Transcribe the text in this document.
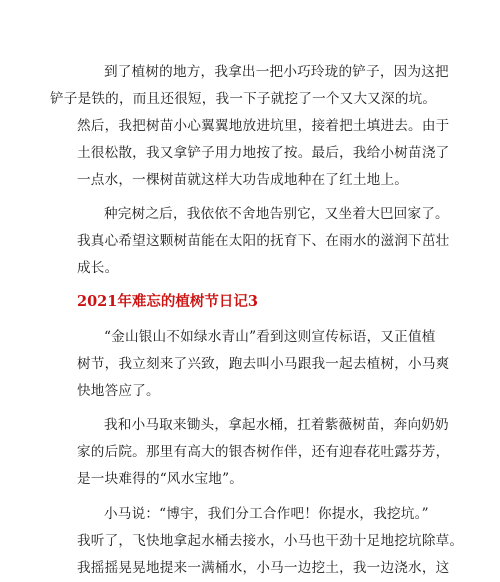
到了植树的地方，我拿出一把小巧玲珑的铲子，因为这把
铲子是铁的，而且还很短，我一下子就挖了一个又大又深的坑。
然后，我把树苗小心翼翼地放进坑里，接着把土填进去。由于
土很松散，我又拿铲子用力地按了按。最后，我给小树苗浇了
一点水，一棵树苗就这样大功告成地种在了红土地上。

种完树之后，我依依不舍地告别它，又坐着大巴回家了。
我真心希望这颗树苗能在太阳的抚育下、在雨水的滋润下茁壮
成长。

2021年难忘的植树节日记3

“金山银山不如绿水青山”看到这则宣传标语，又正值植
树节，我立刻来了兴致，跑去叫小马跟我一起去植树，小马爽
快地答应了。

我和小马取来锄头，拿起水桶，扛着紫薇树苗，奔向奶奶
家的后院。那里有高大的银杏树作伴，还有迎春花吐露芬芳，
是一块难得的“风水宝地”。

小马说：“博宇，我们分工合作吧！你提水，我挖坑。”
我听了，飞快地拿起水桶去接水，小马也干劲十足地挖坑除草。
我摇摇晃晃地提来一满桶水，小马一边挖土，我一边浇水，这
